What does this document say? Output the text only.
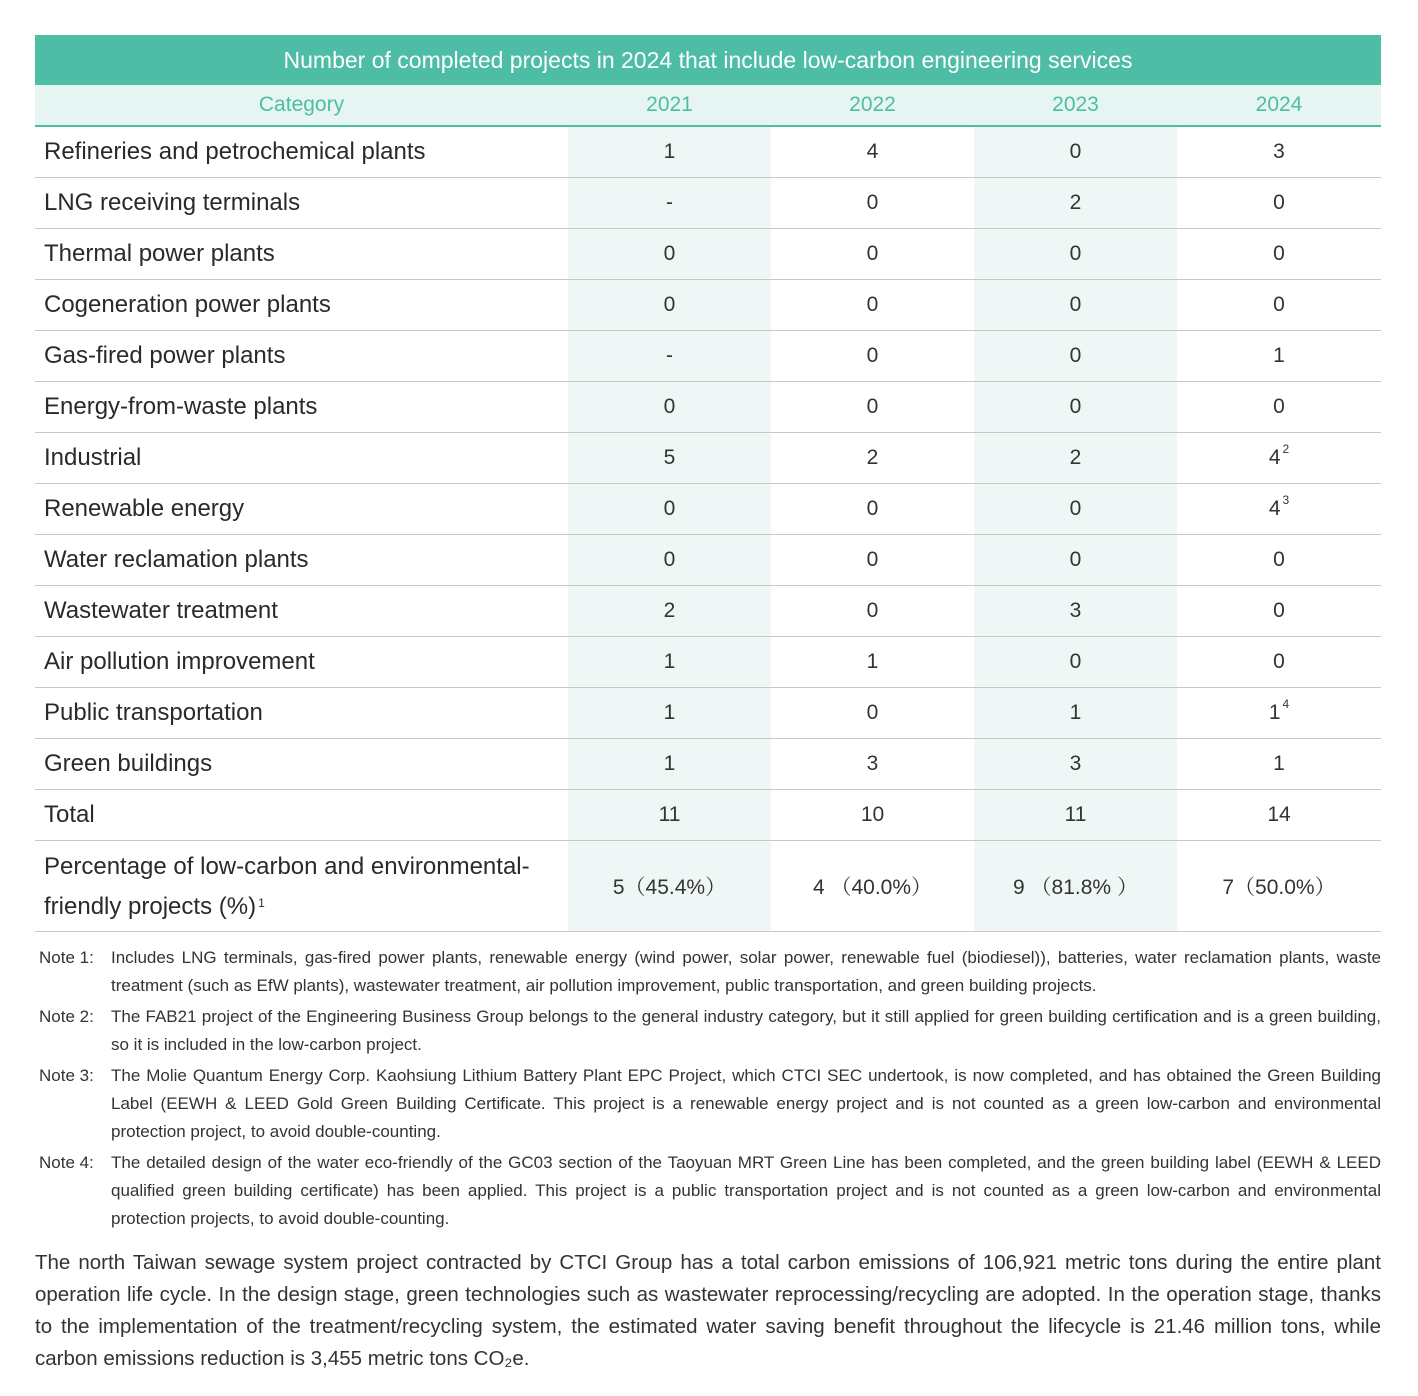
Number of completed projects in 2024 that include low-carbon engineering services
Category	2021	2022	2023	2024
Refineries and petrochemical plants	1	4	0	3
LNG receiving terminals	-	0	2	0
Thermal power plants	0	0	0	0
Cogeneration power plants	0	0	0	0
Gas-fired power plants	-	0	0	1
Energy-from-waste plants	0	0	0	0
Industrial	5	2	2	4 $^2$
Renewable energy	0	0	0	4 $^3$
Water reclamation plants	0	0	0	0
Wastewater treatment	2	0	3	0
Air pollution improvement	1	1	0	0
Public transportation	1	0	1	1 $^4$
Green buildings	1	3	3	1
Total	11	10	11	14
Percentage of low-carbon and environmental-
friendly projects (%) $^1$	5（45.4%）	4 （40.0%）	9 （81.8% ）	7（50.0%）
Note 1:	Includes LNG terminals, gas-fired power plants, renewable energy (wind power, solar power, renewable fuel (biodiesel)), batteries, water reclamation plants, waste treatment (such as EfW plants), wastewater treatment, air pollution improvement, public transportation, and green building projects.
Note 2:	The FAB21 project of the Engineering Business Group belongs to the general industry category, but it still applied for green building certification and is a green building, so it is included in the low-carbon project.
Note 3:	The Molie Quantum Energy Corp. Kaohsiung Lithium Battery Plant EPC Project, which CTCI SEC undertook, is now completed, and has obtained the Green Building Label (EEWH & LEED Gold Green Building Certificate. This project is a renewable energy project and is not counted as a green low-carbon and environmental protection project, to avoid double-counting.
Note 4:	The detailed design of the water eco-friendly of the GC03 section of the Taoyuan MRT Green Line has been completed, and the green building label (EEWH & LEED qualified green building certificate) has been applied. This project is a public transportation project and is not counted as a green low-carbon and environmental protection projects, to avoid double-counting.

The north Taiwan sewage system project contracted by CTCI Group has a total carbon emissions of 106,921 metric tons during the entire plant operation life cycle. In the design stage, green technologies such as wastewater reprocessing/recycling are adopted. In the operation stage, thanks to the implementation of the treatment/recycling system, the estimated water saving benefit throughout the lifecycle is 21.46 million tons, while carbon emissions reduction is 3,455 metric tons CO₂e.
